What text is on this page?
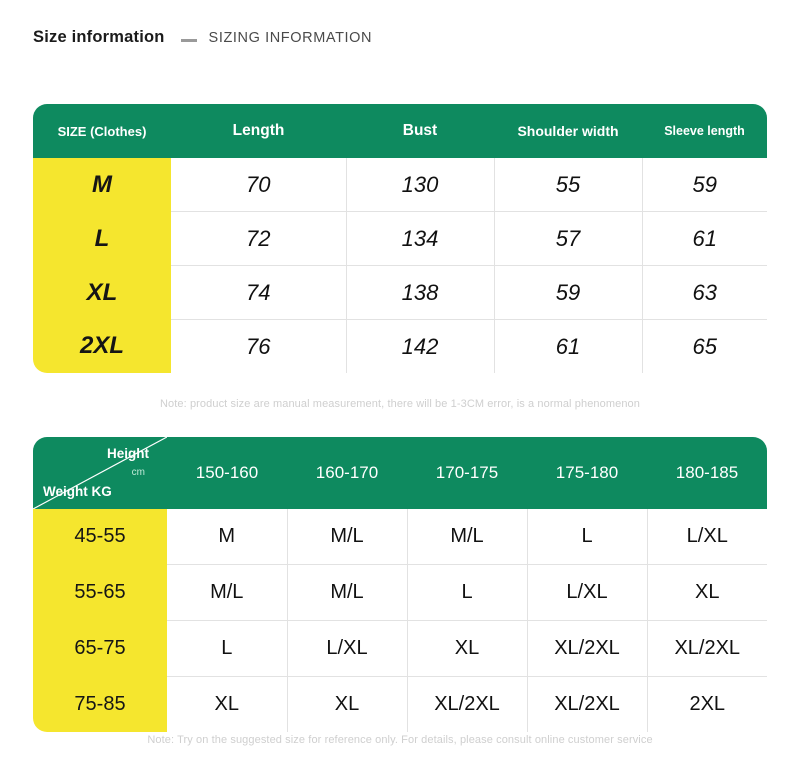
Size information	SIZING INFORMATION
SIZE (Clothes)	Length	Bust	Shoulder width	Sleeve length
M	70	130	55	59
L	72	134	57	61
XL	74	138	59	63
2XL	76	142	61	65
Note: product size are manual measurement, there will be 1-3CM error, is a normal phenomenon
Height
cm
Weight KG	150-160	160-170	170-175	175-180	180-185
45-55	M	M/L	M/L	L	L/XL
55-65	M/L	M/L	L	L/XL	XL
65-75	L	L/XL	XL	XL/2XL	XL/2XL
75-85	XL	XL	XL/2XL	XL/2XL	2XL
Note: Try on the suggested size for reference only. For details, please consult online customer service
